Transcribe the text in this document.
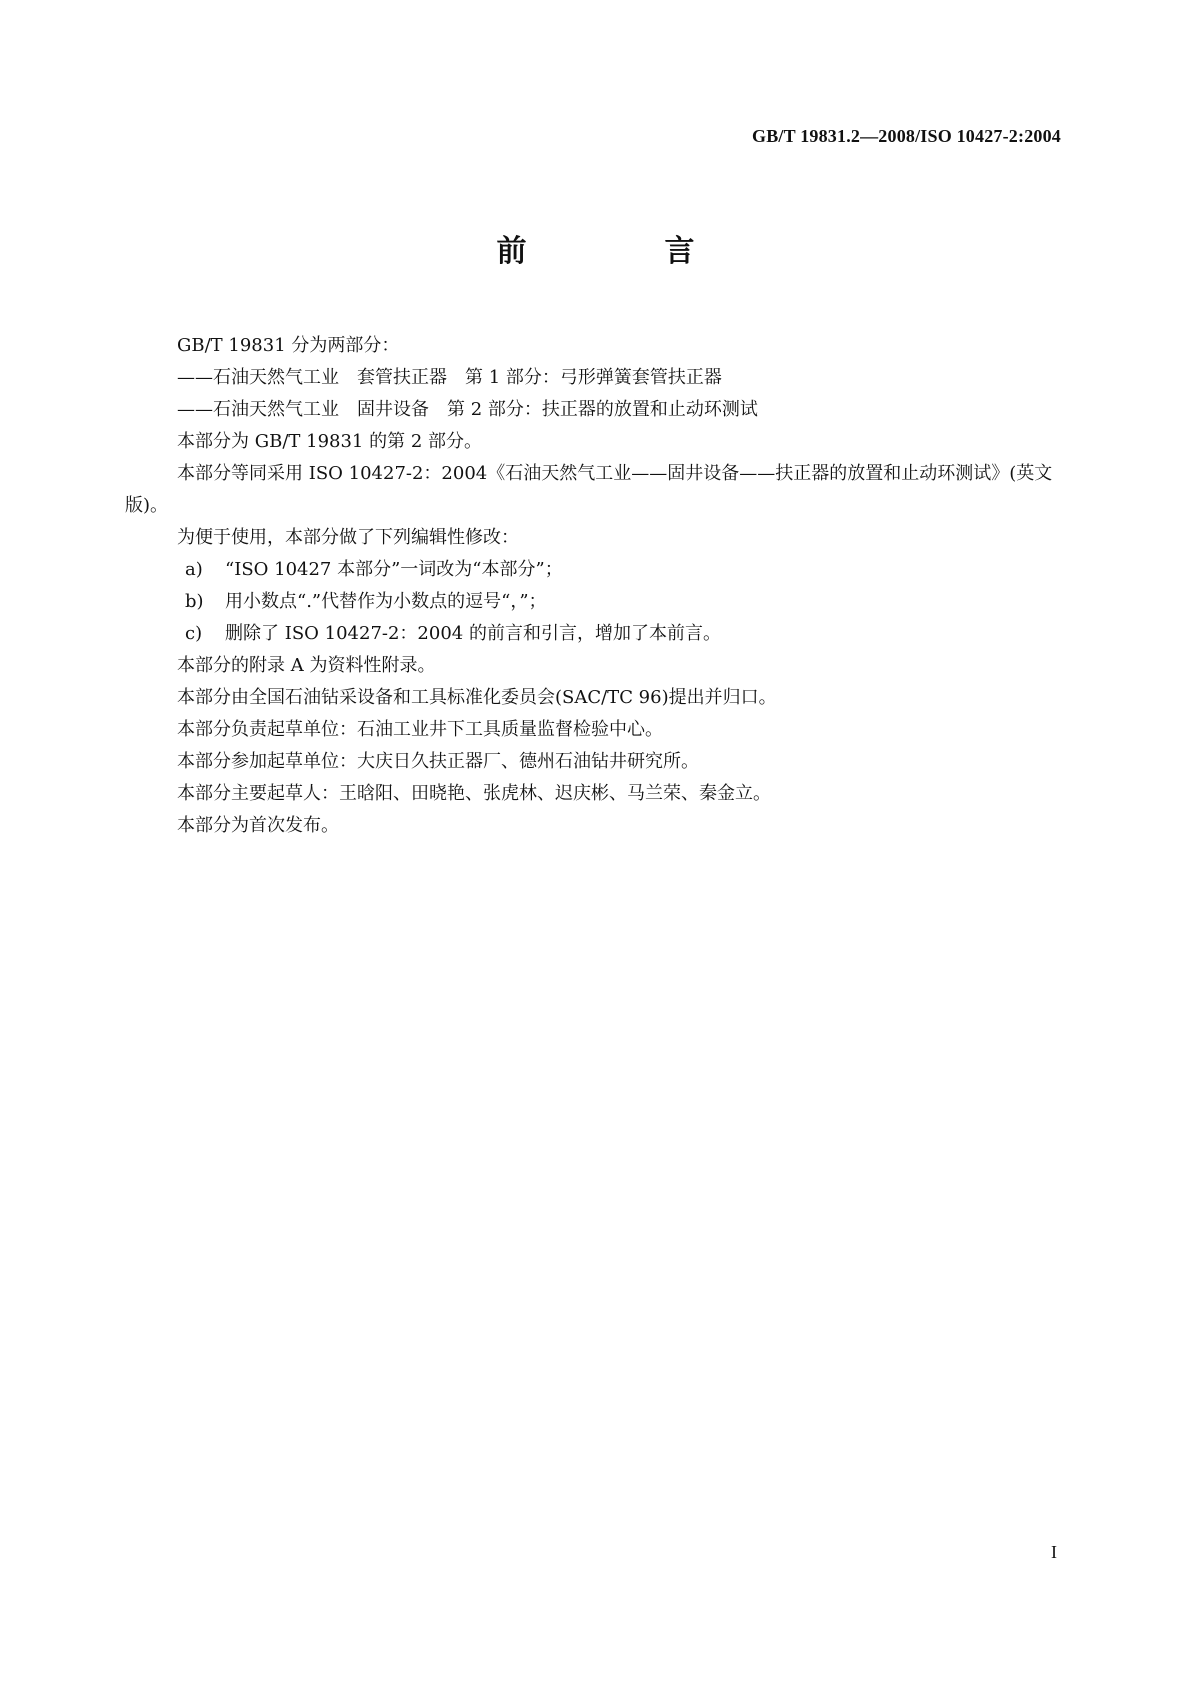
GB/T 19831.2—2008/ISO 10427-2:2004
前　言
GB/T 19831 分为两部分：
——石油天然气工业　套管扶正器　第 1 部分：弓形弹簧套管扶正器
——石油天然气工业　固井设备　第 2 部分：扶正器的放置和止动环测试
本部分为 GB/T 19831 的第 2 部分。
本部分等同采用 ISO 10427-2：2004《石油天然气工业——固井设备——扶正器的放置和止动环测试》(英文版)。
为便于使用，本部分做了下列编辑性修改：
a) “ISO 10427 本部分”一词改为“本部分”；
b) 用小数点“.”代替作为小数点的逗号“，”；
c) 删除了 ISO 10427-2：2004 的前言和引言，增加了本前言。
本部分的附录 A 为资料性附录。
本部分由全国石油钻采设备和工具标准化委员会(SAC/TC 96)提出并归口。
本部分负责起草单位：石油工业井下工具质量监督检验中心。
本部分参加起草单位：大庆日久扶正器厂、德州石油钻井研究所。
本部分主要起草人：王晗阳、田晓艳、张虎林、迟庆彬、马兰荣、秦金立。
本部分为首次发布。
I
